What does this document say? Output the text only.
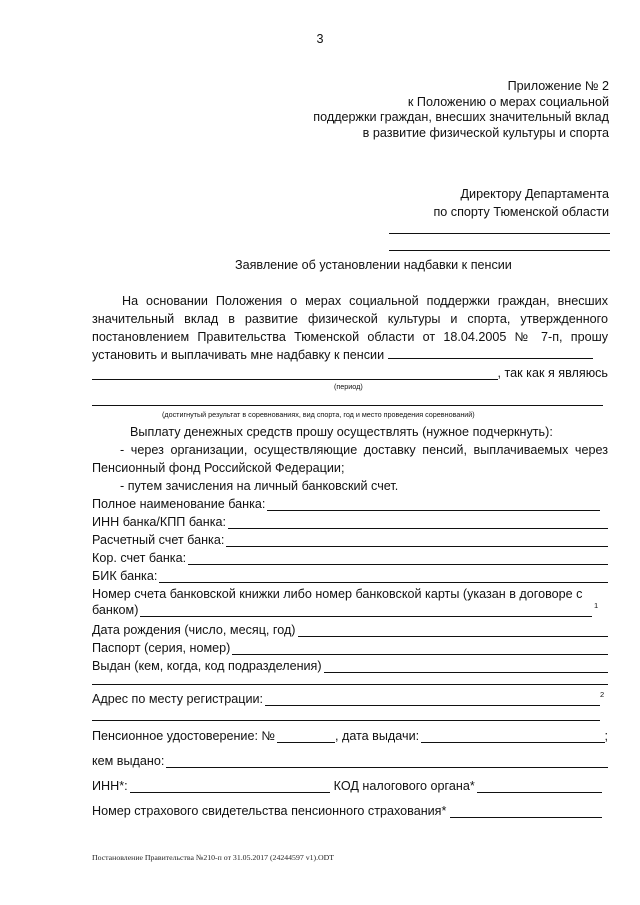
3
Приложение № 2
к Положению о мерах социальной
поддержки граждан, внесших значительный вклад
в развитие физической культуры и спорта
Директору Департамента
по спорту Тюменской области
Заявление об установлении надбавки к пенсии
На основании Положения о мерах социальной поддержки граждан, внесших значительный вклад в развитие физической культуры и спорта, утвержденного постановлением Правительства Тюменской области от 18.04.2005 № 7-п, прошу установить и выплачивать мне надбавку к пенсии
, так как я являюсь
(период)
(достигнутый результат в соревнованиях, вид спорта, год и место проведения соревнований)
Выплату денежных средств прошу осуществлять (нужное подчеркнуть):
- через организации, осуществляющие доставку пенсий, выплачиваемых через Пенсионный фонд Российской Федерации;
- путем зачисления на личный банковский счет.
Полное наименование банка:
ИНН банка/КПП банка:
Расчетный счет банка:
Кор. счет банка:
БИК банка:
Номер счета банковской книжки либо номер банковской карты (указан в договоре с
банком)	1
Дата рождения (число, месяц, год)
Паспорт (серия, номер)
Выдан (кем, когда, код подразделения)
Адрес по месту регистрации:	2
Пенсионное удостоверение: №	, дата выдачи:	;
кем выдано:
ИНН*:	КОД налогового органа*
Номер страхового свидетельства пенсионного страхования*
Постановление Правительства №210-п от 31.05.2017 (24244597 v1).ODT
